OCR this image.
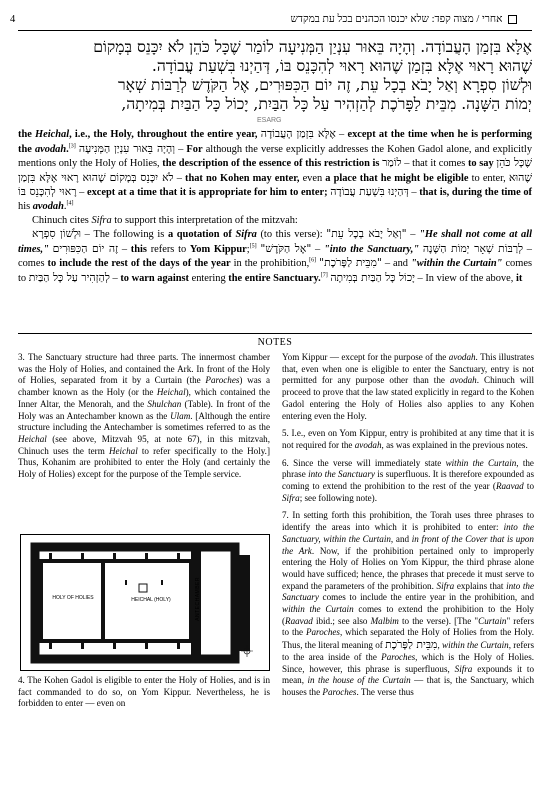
4	אחרי / מצוה קפד: שלא יכנסו הכהנים בכל עת במקדש

אֶלָּא בִּזְמַן הָעֲבוֹדָה. וְהָיָה בֵּאוּר עִנְיַן הַמְּנִיעָה לוֹמַר שֶׁכָּל כֹּהֵן לֹא יִכָּנֵס בְּמָקוֹם

שֶׁהוּא רָאוּי אֶלָּא בִּזְמַן שֶׁהוּא רָאוּי לְהִכָּנֵס בּוֹ, דְּהַיְנוּ בִּשְׁעַת עֲבוֹדָה.

וּלְשׁוֹן סִפְרָא וְאַל יָבֹא בְכָל עֵת, זֶה יוֹם הַכִּפּוּרִים, אֶל הַקֹּדֶשׁ לְרַבּוֹת שְׁאָר

יְמוֹת הַשָּׁנָה. מִבֵּית לַפָּרֹכֶת לְהַזְהִיר עַל כָּל הַבַּיִת, יָכוֹל כָּל הַבַּיִת בְּמִיתָה,

ESARG

the Heichal, i.e., the Holy, throughout the entire year, אֶלָּא בִּזְמַן הָעֲבוֹדָה – except at the time when he is performing the avodah.[3] וְהָיָה בֵּאוּר עִנְיַן הַמְּנִיעָה – For although the verse explicitly addresses the Kohen Gadol alone, and explicitly mentions only the Holy of Holies, the description of the essence of this restriction is לוֹמַר – that it comes to say שֶׁכָּל כֹּהֵן לֹא יִכָּנֵס בְּמָקוֹם שֶׁהוּא רָאוּי אֶלָּא בִּזְמַן – that no Kohen may enter, even a place that he might be eligible to enter, שֶׁהוּא רָאוּי לְהִכָּנֵס בּוֹ – except at a time that it is appropriate for him to enter; דְּהַיְנוּ בִּשְׁעַת עֲבוֹדָה – that is, during the time of his avodah.[4]

Chinuch cites Sifra to support this interpretation of the mitzvah:

וּלְשׁוֹן סִפְרָא – The following is a quotation of Sifra (to this verse): "וְאַל יָבֹא בְכָל עֵת" – "He shall not come at all times," זֶה יוֹם הַכִּפּוּרִים – this refers to Yom Kippur;[5] "אֶל הַקֹּדֶשׁ" – "into the Sanctuary," לְרַבּוֹת שְׁאָר יְמוֹת הַשָּׁנָה – comes to include the rest of the days of the year in the prohibition,[6] "מִבֵּית לַפָּרֹכֶת" – and "within the Curtain" comes to לְהַזְהִיר עַל כָּל הַבַּיִת – to warn against entering the entire Sanctuary.[7] יָכוֹל כָּל הַבַּיִת בְּמִיתָה – In view of the above, it

NOTES

3. The Sanctuary structure had three parts. The innermost chamber was the Holy of Holies, and contained the Ark. In front of the Holy of Holies, separated from it by a Curtain (the Paroches) was a chamber known as the Holy (or the Heichal), which contained the Inner Altar, the Menorah, and the Shulchan (Table). In front of the Holy was an Antechamber known as the Ulam. [Although the entire structure including the Antechamber is sometimes referred to as the Heichal (see above, Mitzvah 95, at note 67), in this mitzvah, Chinuch uses the term Heichal to refer specifically to the Holy.] Thus, Kohanim are prohibited to enter the Holy (and certainly the Holy of Holies) except for the purpose of the Temple service.

HOLY OF HOLIES	HEICHAL (HOLY)	ANTECHAMBER
4. The Kohen Gadol is eligible to enter the Holy of Holies, and is in fact commanded to do so, on Yom Kippur. Nevertheless, he is forbidden to enter — even on

Yom Kippur — except for the purpose of the avodah. This illustrates that, even when one is eligible to enter the Sanctuary, entry is not permitted for any purpose other than the avodah. Chinuch will proceed to prove that the law stated explicitly in regard to the Kohen Gadol entering the Holy of Holies also applies to any Kohen entering even the Holy.

5. I.e., even on Yom Kippur, entry is prohibited at any time that it is not required for the avodah, as was explained in the previous notes.

6. Since the verse will immediately state within the Curtain, the phrase into the Sanctuary is superfluous. It is therefore expounded as coming to extend the prohibition to the rest of the year (Raavad to Sifra; see following note).

7. In setting forth this prohibition, the Torah uses three phrases to identify the areas into which it is prohibited to enter: into the Sanctuary, within the Curtain, and in front of the Cover that is upon the Ark. Now, if the prohibition pertained only to improperly entering the Holy of Holies on Yom Kippur, the third phrase alone would have sufficed; hence, the phrases that precede it must serve to expand the parameters of the prohibition. Sifra explains that into the Sanctuary comes to include the entire year in the prohibition, and within the Curtain comes to extend the prohibition to the Holy (Raavad ibid.; see also Malbim to the verse). [The "Curtain" refers to the Paroches, which separated the Holy of Holies from the Holy. Thus, the literal meaning of מִבֵּית לַפָּרֹכֶת, within the Curtain, refers to the area inside of the Paroches, which is the Holy of Holies. Since, however, this phrase is superfluous, Sifra expounds it to mean, in the house of the Curtain — that is, the Sanctuary, which houses the Paroches. The verse thus
